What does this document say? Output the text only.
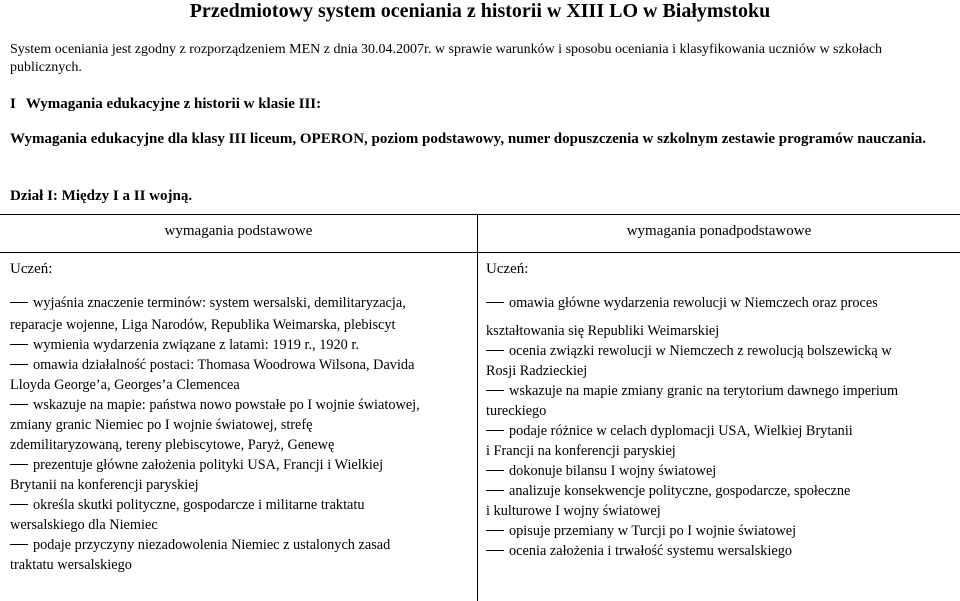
Przedmiotowy system oceniania z historii w XIII LO w Białymstoku
System oceniania jest zgodny z rozporządzeniem MEN z dnia 30.04.2007r. w sprawie warunków i sposobu oceniania i klasyfikowania uczniów w szkołach publicznych.
I Wymagania edukacyjne z historii w klasie III:
Wymagania edukacyjne dla klasy III liceum, OPERON, poziom podstawowy, numer dopuszczenia w szkolnym zestawie programów nauczania.
Dział I: Między I a II wojną.
wymagania podstawowe	wymagania ponadpodstawowe
Uczeń:	Uczeń:
wyjaśnia znaczenie terminów: system wersalski, demilitaryzacja,
reparacje wojenne, Liga Narodów, Republika Weimarska, plebiscyt
wymienia wydarzenia związane z latami: 1919 r., 1920 r.
omawia działalność postaci: Thomasa Woodrowa Wilsona, Davida
Lloyda George’a, Georges’a Clemencea
wskazuje na mapie: państwa nowo powstałe po I wojnie światowej,
zmiany granic Niemiec po I wojnie światowej, strefę
zdemilitaryzowaną, tereny plebiscytowe, Paryż, Genewę
prezentuje główne założenia polityki USA, Francji i Wielkiej
Brytanii na konferencji paryskiej
określa skutki polityczne, gospodarcze i militarne traktatu
wersalskiego dla Niemiec
podaje przyczyny niezadowolenia Niemiec z ustalonych zasad
traktatu wersalskiego
omawia główne wydarzenia rewolucji w Niemczech oraz proces
kształtowania się Republiki Weimarskiej
ocenia związki rewolucji w Niemczech z rewolucją bolszewicką w
Rosji Radzieckiej
wskazuje na mapie zmiany granic na terytorium dawnego imperium
tureckiego
podaje różnice w celach dyplomacji USA, Wielkiej Brytanii
i Francji na konferencji paryskiej
dokonuje bilansu I wojny światowej
analizuje konsekwencje polityczne, gospodarcze, społeczne
i kulturowe I wojny światowej
opisuje przemiany w Turcji po I wojnie światowej
ocenia założenia i trwałość systemu wersalskiego
